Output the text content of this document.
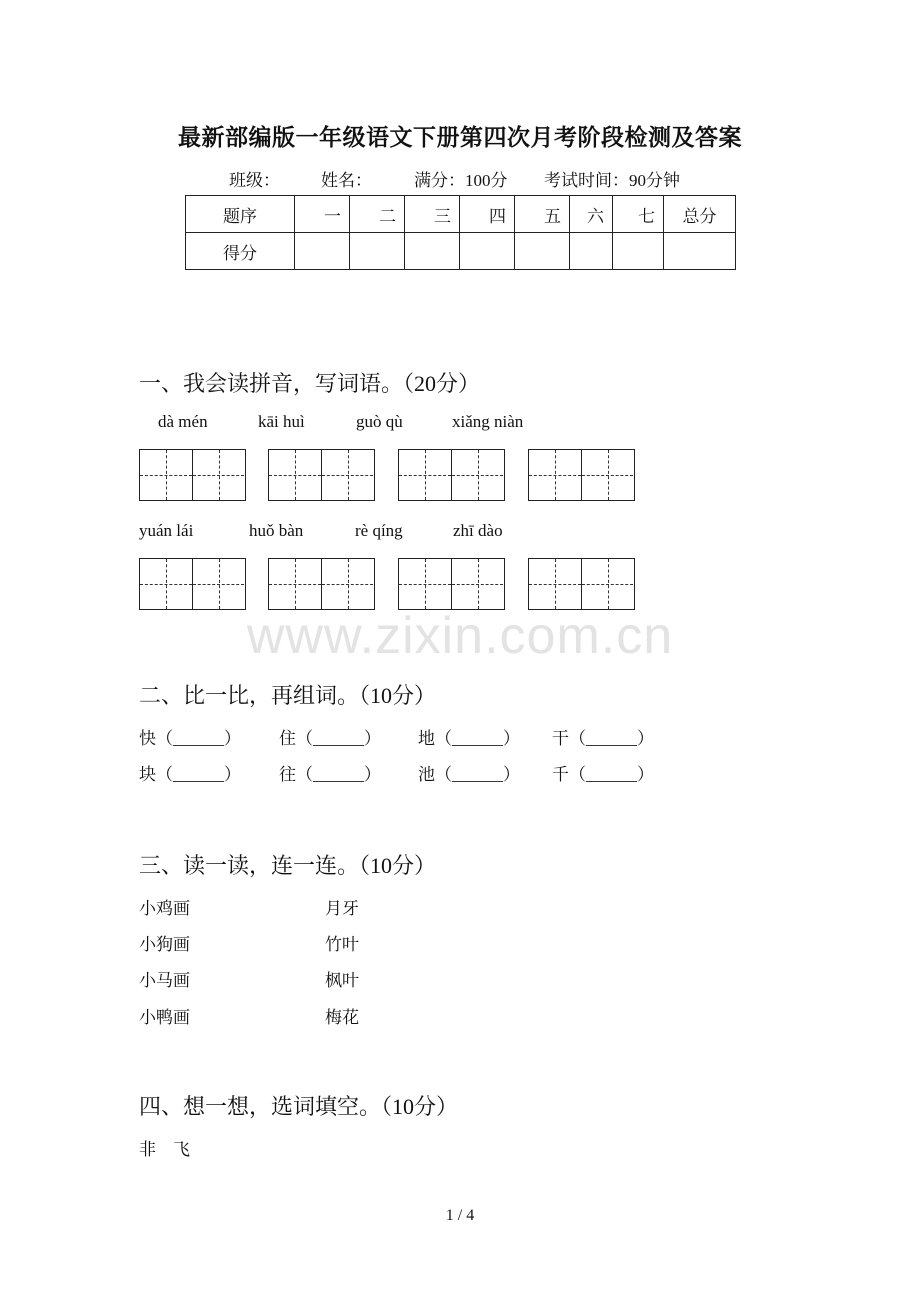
最新部编版一年级语文下册第四次月考阶段检测及答案
班级： 姓名： 满分：100分 考试时间：90分钟
题序	一	二	三	四	五	六	七	总分
得分								
一、我会读拼音，写词语。（20分）
dà mén	kāi huì	guò qù	xiǎng niàn
yuán lái	huǒ bàn	rè qíng	zhī dào
www.zixin.com.cn
二、比一比，再组词。（10分）
快（______） 住（______） 地（______） 干（______）
块（______） 往（______） 池（______） 千（______）
三、读一读，连一连。（10分）
小鸡画	月牙
小狗画	竹叶
小马画	枫叶
小鸭画	梅花
四、想一想，选词填空。（10分）
非    飞
1 / 4
